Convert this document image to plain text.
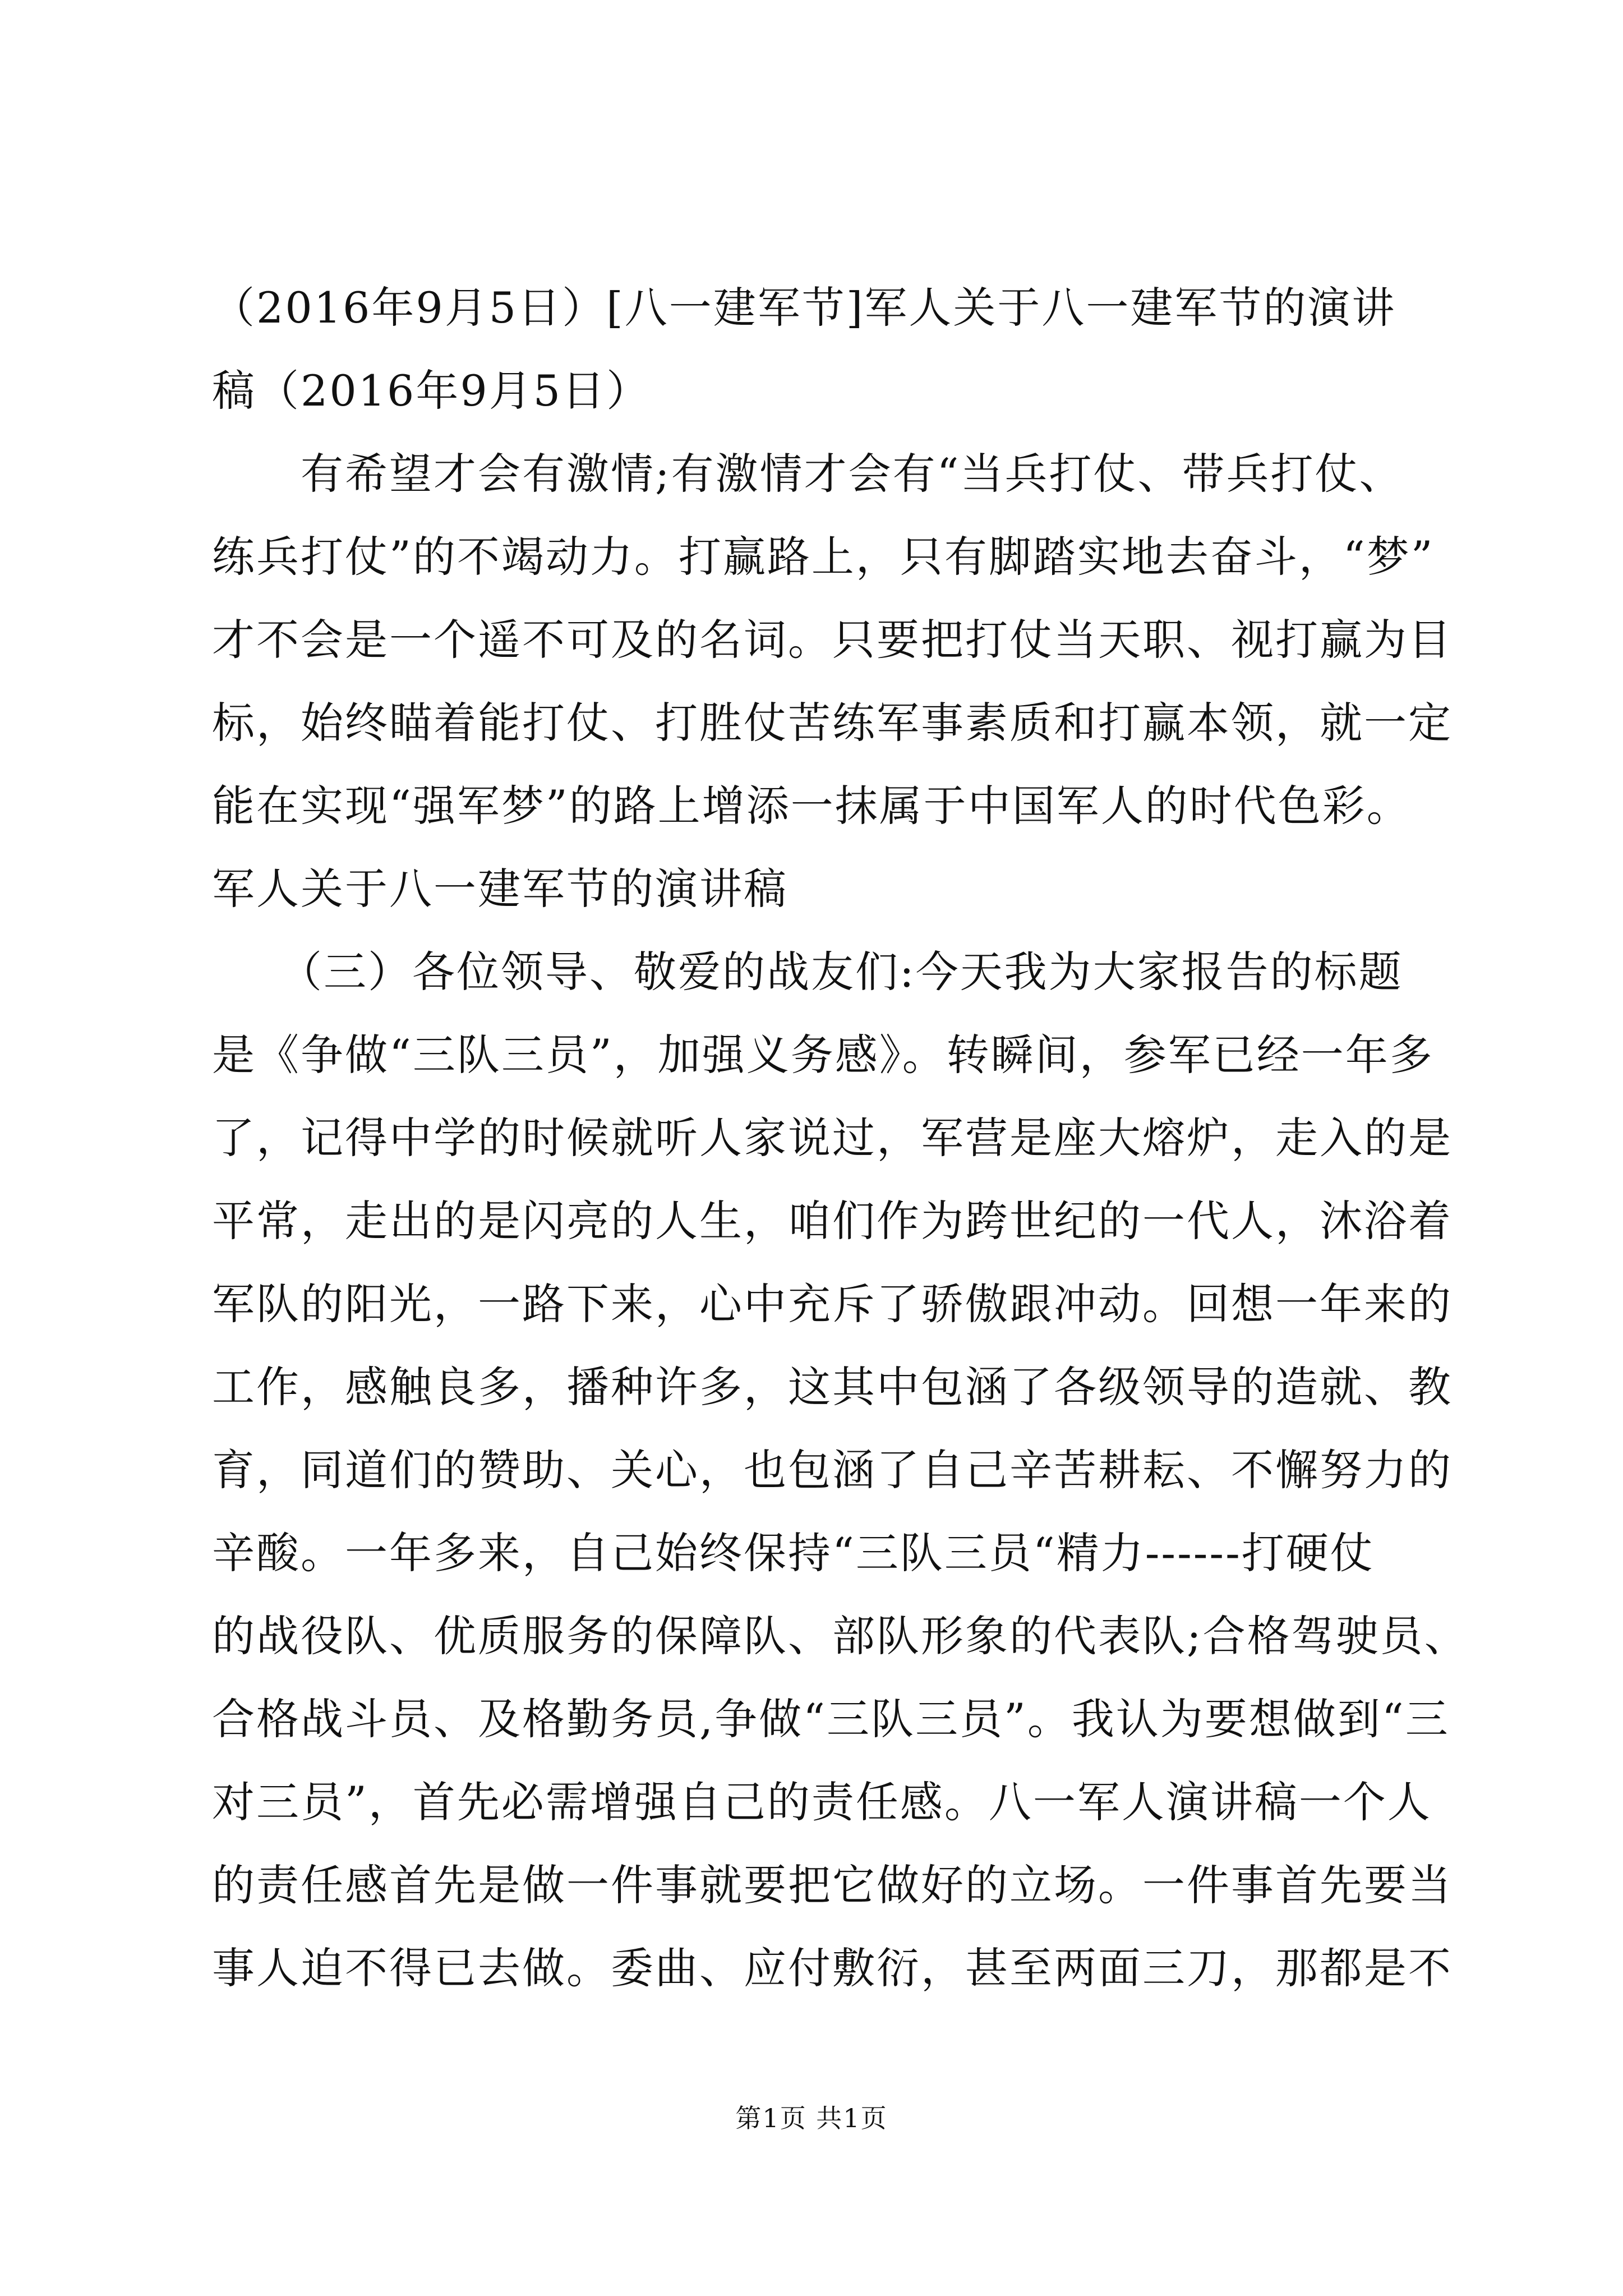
（2016年9月5日）[八一建军节]军人关于八一建军节的演讲
稿（2016年9月5日）
　　有希望才会有激情;有激情才会有“当兵打仗、带兵打仗、
练兵打仗”的不竭动力。打赢路上，只有脚踏实地去奋斗，“梦”
才不会是一个遥不可及的名词。只要把打仗当天职、视打赢为目
标，始终瞄着能打仗、打胜仗苦练军事素质和打赢本领，就一定
能在实现“强军梦”的路上增添一抹属于中国军人的时代色彩。
军人关于八一建军节的演讲稿
　　（三）各位领导、敬爱的战友们:今天我为大家报告的标题
是《争做“三队三员”，加强义务感》。转瞬间，参军已经一年多
了，记得中学的时候就听人家说过，军营是座大熔炉，走入的是
平常，走出的是闪亮的人生，咱们作为跨世纪的一代人，沐浴着
军队的阳光，一路下来，心中充斥了骄傲跟冲动。回想一年来的
工作，感触良多，播种许多，这其中包涵了各级领导的造就、教
育，同道们的赞助、关心，也包涵了自己辛苦耕耘、不懈努力的
辛酸。一年多来，自己始终保持“三队三员“精力------打硬仗
的战役队、优质服务的保障队、部队形象的代表队;合格驾驶员、
合格战斗员、及格勤务员,争做“三队三员”。我认为要想做到“三
对三员”，首先必需增强自己的责任感。八一军人演讲稿一个人
的责任感首先是做一件事就要把它做好的立场。一件事首先要当
事人迫不得已去做。委曲、应付敷衍，甚至两面三刀，那都是不
第1页 共1页
